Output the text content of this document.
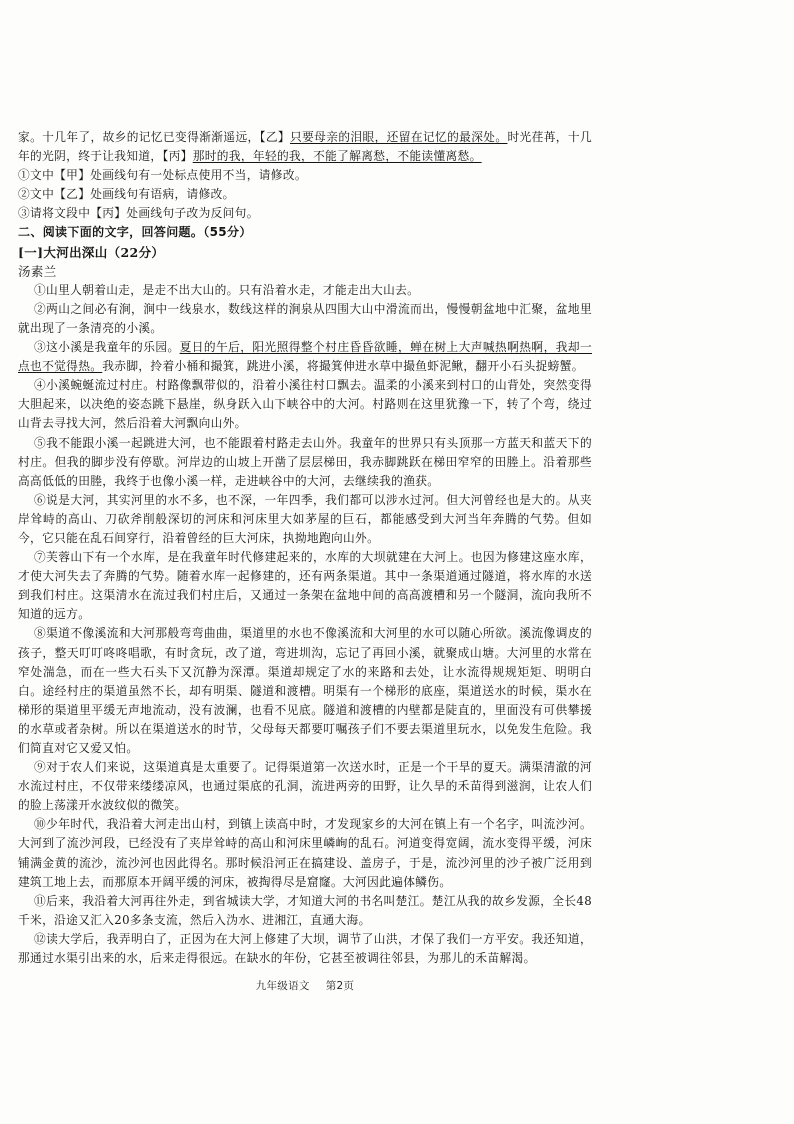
家。十几年了，故乡的记忆已变得渐渐遥远，【乙】只要母亲的泪眼，还留在记忆的最深处。时光荏苒，十几年的光阴，终于让我知道，【丙】那时的我，年轻的我，不能了解离愁，不能读懂离愁。

①文中【甲】处画线句有一处标点使用不当，请修改。

②文中【乙】处画线句有语病，请修改。

③请将文段中【丙】处画线句子改为反问句。

二、阅读下面的文字，回答问题。（55分）

[一]大河出深山（22分）

汤素兰

①山里人朝着山走，是走不出大山的。只有沿着水走，才能走出大山去。

②两山之间必有涧，涧中一线泉水，数线这样的涧泉从四围大山中滑流而出，慢慢朝盆地中汇聚，盆地里就出现了一条清亮的小溪。

③这小溪是我童年的乐园。夏日的午后，阳光照得整个村庄昏昏欲睡，蝉在树上大声喊热啊热啊，我却一点也不觉得热。我赤脚，拎着小桶和撮箕，跳进小溪，将撮箕伸进水草中撮鱼虾泥鳅，翻开小石头捉螃蟹。

④小溪蜿蜒流过村庄。村路像飘带似的，沿着小溪往村口飘去。温柔的小溪来到村口的山背处，突然变得大胆起来，以决绝的姿态跳下悬崖，纵身跃入山下峡谷中的大河。村路则在这里犹豫一下，转了个弯，绕过山背去寻找大河，然后沿着大河飘向山外。

⑤我不能跟小溪一起跳进大河，也不能跟着村路走去山外。我童年的世界只有头顶那一方蓝天和蓝天下的村庄。但我的脚步没有停歇。河岸边的山坡上开凿了层层梯田，我赤脚跳跃在梯田窄窄的田塍上。沿着那些高高低低的田塍，我终于也像小溪一样，走进峡谷中的大河，去继续我的渔获。

⑥说是大河，其实河里的水不多，也不深，一年四季，我们都可以涉水过河。但大河曾经也是大的。从夹岸耸峙的高山、刀砍斧削般深切的河床和河床里大如茅屋的巨石，都能感受到大河当年奔腾的气势。但如今，它只能在乱石间穿行，沿着曾经的巨大河床，执拗地跑向山外。

⑦芙蓉山下有一个水库，是在我童年时代修建起来的，水库的大坝就建在大河上。也因为修建这座水库，才使大河失去了奔腾的气势。随着水库一起修建的，还有两条渠道。其中一条渠道通过隧道，将水库的水送到我们村庄。这渠清水在流过我们村庄后，又通过一条架在盆地中间的高高渡槽和另一个隧洞，流向我所不知道的远方。

⑧渠道不像溪流和大河那般弯弯曲曲，渠道里的水也不像溪流和大河里的水可以随心所欲。溪流像调皮的孩子，整天叮叮咚咚唱歌，有时贪玩，改了道，弯进圳沟，忘记了再回小溪，就聚成山塘。大河里的水常在窄处湍急，而在一些大石头下又沉静为深潭。渠道却规定了水的来路和去处，让水流得规规矩矩、明明白白。途经村庄的渠道虽然不长，却有明渠、隧道和渡槽。明渠有一个梯形的底座，渠道送水的时候，渠水在梯形的渠道里平缓无声地流动，没有波澜，也看不见底。隧道和渡槽的内壁都是陡直的，里面没有可供攀援的水草或者杂树。所以在渠道送水的时节，父母每天都要叮嘱孩子们不要去渠道里玩水，以免发生危险。我们简直对它又爱又怕。

⑨对于农人们来说，这渠道真是太重要了。记得渠道第一次送水时，正是一个干旱的夏天。满渠清澈的河水流过村庄，不仅带来缕缕凉风，也通过渠底的孔洞，流进两旁的田野，让久旱的禾苗得到滋润，让农人们的脸上荡漾开水波纹似的微笑。

⑩少年时代，我沿着大河走出山村，到镇上读高中时，才发现家乡的大河在镇上有一个名字，叫流沙河。大河到了流沙河段，已经没有了夹岸耸峙的高山和河床里嶙峋的乱石。河道变得宽阔，流水变得平缓，河床铺满金黄的流沙，流沙河也因此得名。那时候沿河正在搞建设、盖房子，于是，流沙河里的沙子被广泛用到建筑工地上去，而那原本开阔平缓的河床，被掏得尽是窟窿。大河因此遍体鳞伤。

⑪后来，我沿着大河再往外走，到省城读大学，才知道大河的书名叫楚江。楚江从我的故乡发源，全长48千米，沿途又汇入20多条支流，然后入沩水、进湘江，直通大海。

⑫读大学后，我弄明白了，正因为在大河上修建了大坝，调节了山洪，才保了我们一方平安。我还知道，那通过水渠引出来的水，后来走得很远。在缺水的年份，它甚至被调往邻县，为那儿的禾苗解渴。

九年级语文 第2页
